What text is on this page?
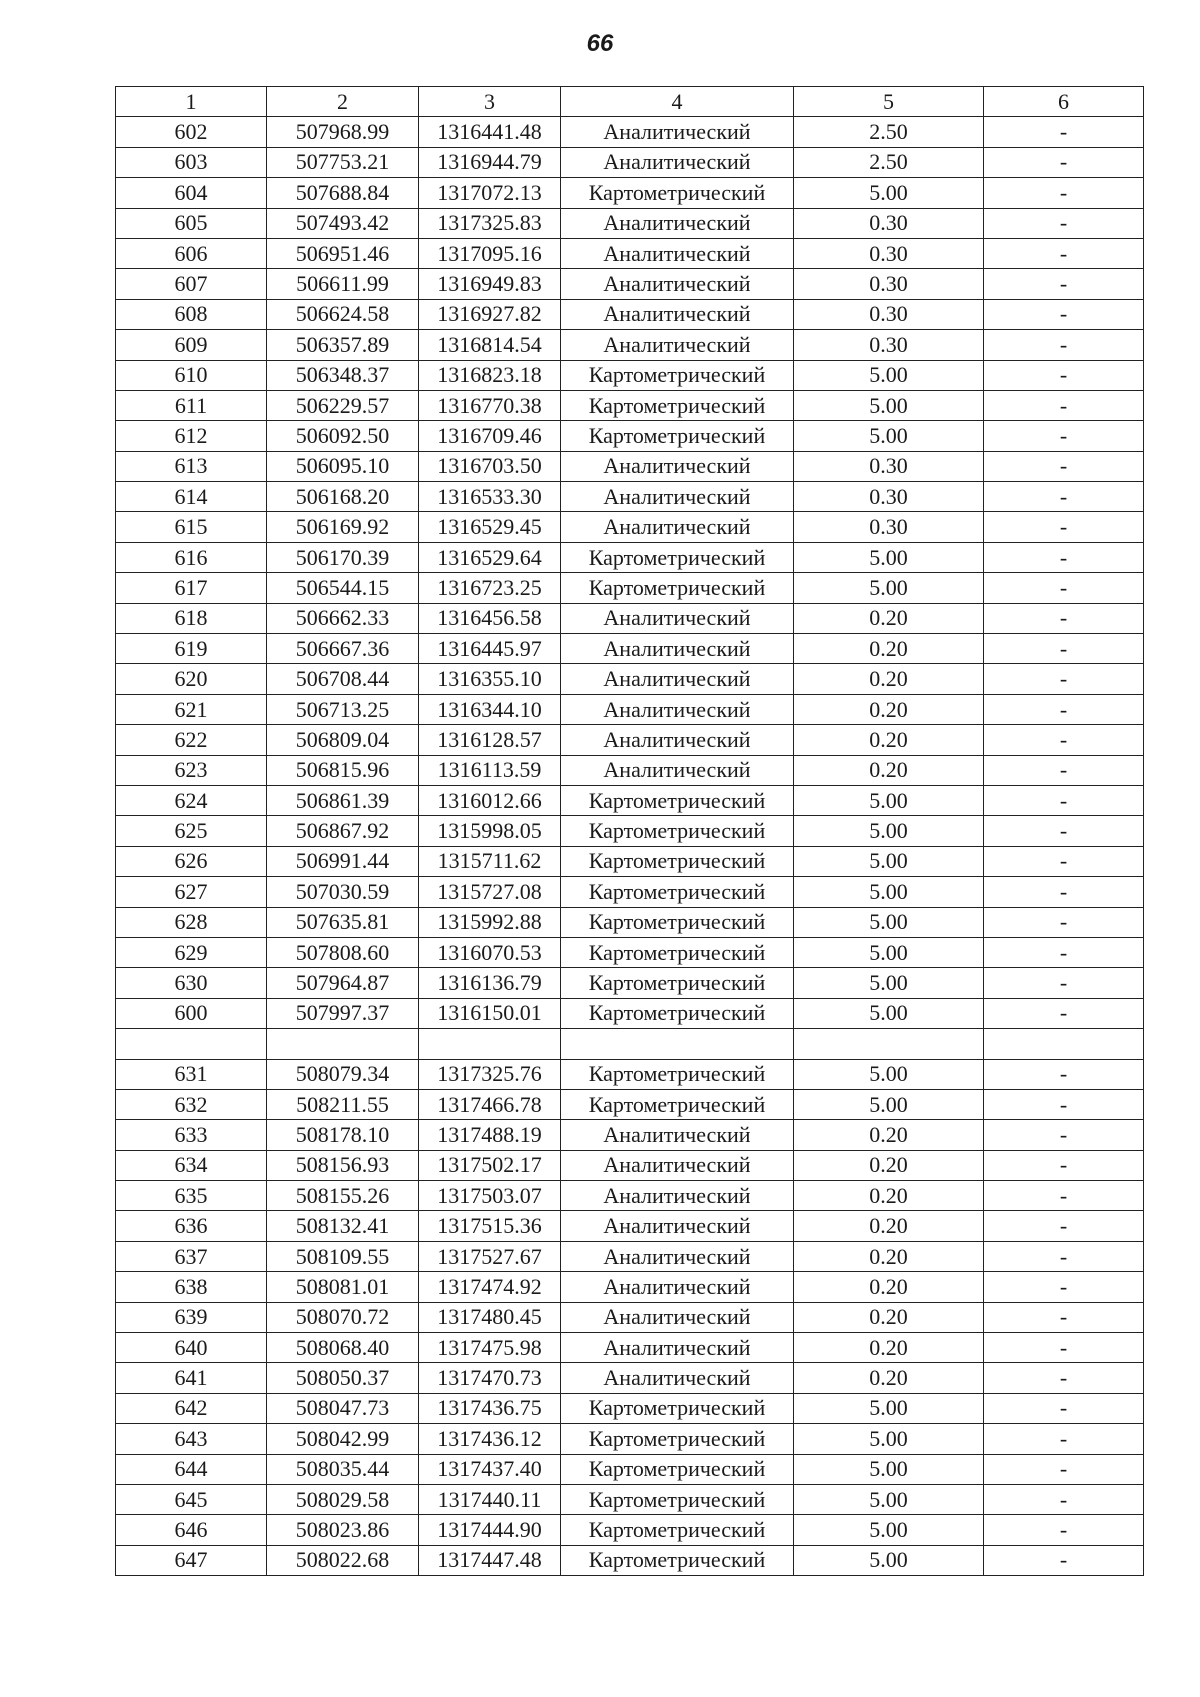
66
1	2	3	4	5	6
602	507968.99	1316441.48	Аналитический	2.50	-
603	507753.21	1316944.79	Аналитический	2.50	-
604	507688.84	1317072.13	Картометрический	5.00	-
605	507493.42	1317325.83	Аналитический	0.30	-
606	506951.46	1317095.16	Аналитический	0.30	-
607	506611.99	1316949.83	Аналитический	0.30	-
608	506624.58	1316927.82	Аналитический	0.30	-
609	506357.89	1316814.54	Аналитический	0.30	-
610	506348.37	1316823.18	Картометрический	5.00	-
611	506229.57	1316770.38	Картометрический	5.00	-
612	506092.50	1316709.46	Картометрический	5.00	-
613	506095.10	1316703.50	Аналитический	0.30	-
614	506168.20	1316533.30	Аналитический	0.30	-
615	506169.92	1316529.45	Аналитический	0.30	-
616	506170.39	1316529.64	Картометрический	5.00	-
617	506544.15	1316723.25	Картометрический	5.00	-
618	506662.33	1316456.58	Аналитический	0.20	-
619	506667.36	1316445.97	Аналитический	0.20	-
620	506708.44	1316355.10	Аналитический	0.20	-
621	506713.25	1316344.10	Аналитический	0.20	-
622	506809.04	1316128.57	Аналитический	0.20	-
623	506815.96	1316113.59	Аналитический	0.20	-
624	506861.39	1316012.66	Картометрический	5.00	-
625	506867.92	1315998.05	Картометрический	5.00	-
626	506991.44	1315711.62	Картометрический	5.00	-
627	507030.59	1315727.08	Картометрический	5.00	-
628	507635.81	1315992.88	Картометрический	5.00	-
629	507808.60	1316070.53	Картометрический	5.00	-
630	507964.87	1316136.79	Картометрический	5.00	-
600	507997.37	1316150.01	Картометрический	5.00	-

631	508079.34	1317325.76	Картометрический	5.00	-
632	508211.55	1317466.78	Картометрический	5.00	-
633	508178.10	1317488.19	Аналитический	0.20	-
634	508156.93	1317502.17	Аналитический	0.20	-
635	508155.26	1317503.07	Аналитический	0.20	-
636	508132.41	1317515.36	Аналитический	0.20	-
637	508109.55	1317527.67	Аналитический	0.20	-
638	508081.01	1317474.92	Аналитический	0.20	-
639	508070.72	1317480.45	Аналитический	0.20	-
640	508068.40	1317475.98	Аналитический	0.20	-
641	508050.37	1317470.73	Аналитический	0.20	-
642	508047.73	1317436.75	Картометрический	5.00	-
643	508042.99	1317436.12	Картометрический	5.00	-
644	508035.44	1317437.40	Картометрический	5.00	-
645	508029.58	1317440.11	Картометрический	5.00	-
646	508023.86	1317444.90	Картометрический	5.00	-
647	508022.68	1317447.48	Картометрический	5.00	-
